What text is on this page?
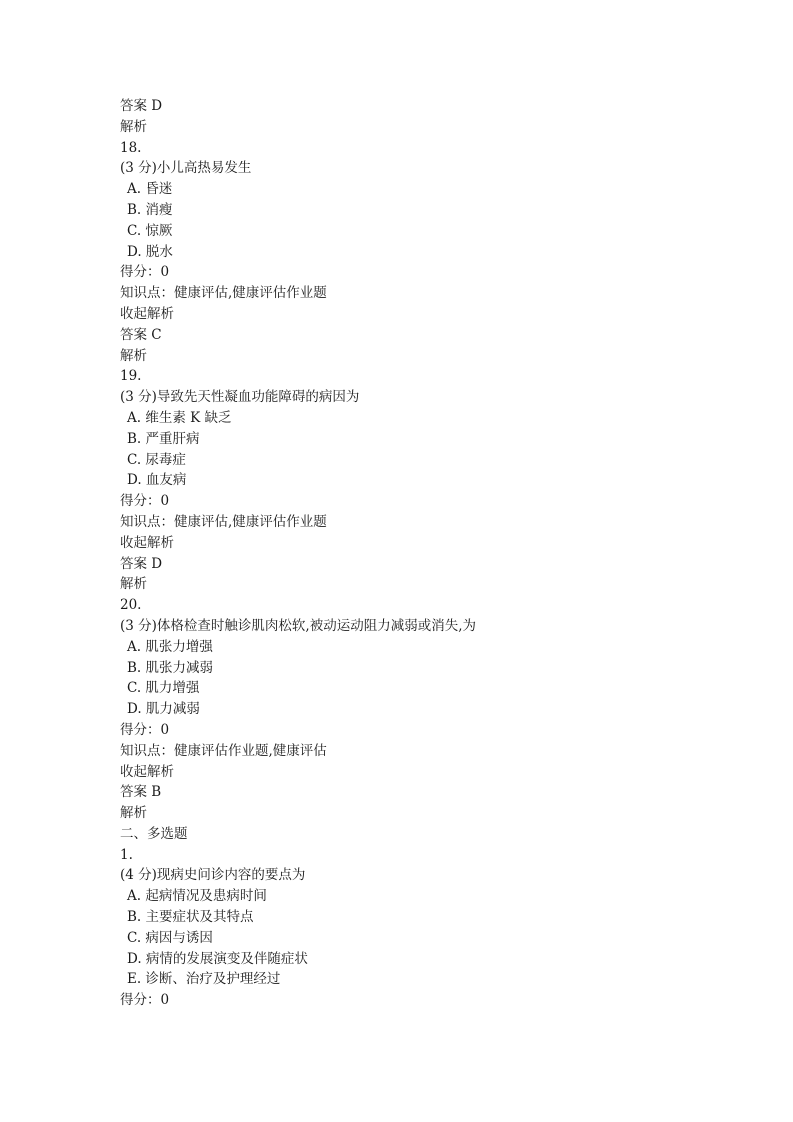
答案 D
解析
18.
(3 分)小儿高热易发生
A. 昏迷
B. 消瘦
C. 惊厥
D. 脱水
得分：0
知识点：健康评估,健康评估作业题
收起解析
答案 C
解析
19.
(3 分)导致先天性凝血功能障碍的病因为
A. 维生素 K 缺乏
B. 严重肝病
C. 尿毒症
D. 血友病
得分：0
知识点：健康评估,健康评估作业题
收起解析
答案 D
解析
20.
(3 分)体格检查时触诊肌肉松软,被动运动阻力减弱或消失,为
A. 肌张力增强
B. 肌张力减弱
C. 肌力增强
D. 肌力减弱
得分：0
知识点：健康评估作业题,健康评估
收起解析
答案 B
解析
二、多选题
1.
(4 分)现病史问诊内容的要点为
A. 起病情况及患病时间
B. 主要症状及其特点
C. 病因与诱因
D. 病情的发展演变及伴随症状
E. 诊断、治疗及护理经过
得分：0
